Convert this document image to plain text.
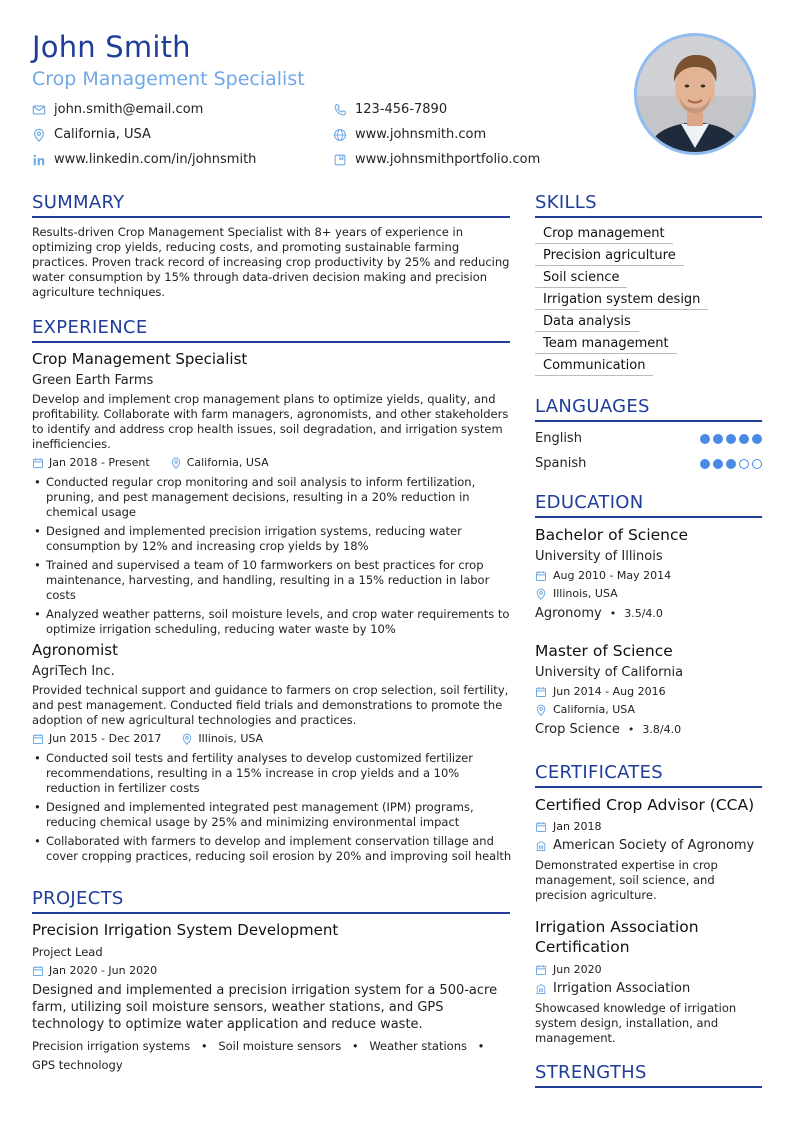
John Smith
Crop Management Specialist
john.smith@email.com	123-456-7890
California, USA	www.johnsmith.com
www.linkedin.com/in/johnsmith	www.johnsmithportfolio.com
SUMMARY

Results-driven Crop Management Specialist with 8+ years of experience in optimizing crop yields, reducing costs, and promoting sustainable farming practices. Proven track record of increasing crop productivity by 25% and reducing water consumption by 15% through data-driven decision making and precision agriculture techniques.

EXPERIENCE

Crop Management Specialist

Green Earth Farms

Develop and implement crop management plans to optimize yields, quality, and profitability. Collaborate with farm managers, agronomists, and other stakeholders to identify and address crop health issues, soil degradation, and irrigation system inefficiencies.

Jan 2018 - Present	California, USA
• Conducted regular crop monitoring and soil analysis to inform fertilization, pruning, and pest management decisions, resulting in a 20% reduction in chemical usage
• Designed and implemented precision irrigation systems, reducing water consumption by 12% and increasing crop yields by 18%
• Trained and supervised a team of 10 farmworkers on best practices for crop maintenance, harvesting, and handling, resulting in a 15% reduction in labor costs
• Analyzed weather patterns, soil moisture levels, and crop water requirements to optimize irrigation scheduling, reducing water waste by 10%

Agronomist

AgriTech Inc.

Provided technical support and guidance to farmers on crop selection, soil fertility, and pest management. Conducted field trials and demonstrations to promote the adoption of new agricultural technologies and practices.

Jun 2015 - Dec 2017	Illinois, USA
• Conducted soil tests and fertility analyses to develop customized fertilizer recommendations, resulting in a 15% increase in crop yields and a 10% reduction in fertilizer costs
• Designed and implemented integrated pest management (IPM) programs, reducing chemical usage by 25% and minimizing environmental impact
• Collaborated with farmers to develop and implement conservation tillage and cover cropping practices, reducing soil erosion by 20% and improving soil health
PROJECTS

Precision Irrigation System Development

Project Lead

Jan 2020 - Jun 2020

Designed and implemented a precision irrigation system for a 500-acre farm, utilizing soil moisture sensors, weather stations, and GPS technology to optimize water application and reduce waste.

Precision irrigation systems • Soil moisture sensors • Weather stations •
GPS technology
SKILLS
Crop management
Precision agriculture
Soil science
Irrigation system design
Data analysis
Team management
Communication
LANGUAGES
English
Spanish
EDUCATION

Bachelor of Science

University of Illinois

Aug 2010 - May 2014
Illinois, USA
Agronomy • 3.5/4.0

Master of Science

University of California

Jun 2014 - Aug 2016
California, USA
Crop Science • 3.8/4.0
CERTIFICATES

Certified Crop Advisor (CCA)

Jan 2018
American Society of Agronomy

Demonstrated expertise in crop management, soil science, and precision agriculture.

Irrigation Association Certification

Jun 2020
Irrigation Association

Showcased knowledge of irrigation system design, installation, and management.

STRENGTHS
